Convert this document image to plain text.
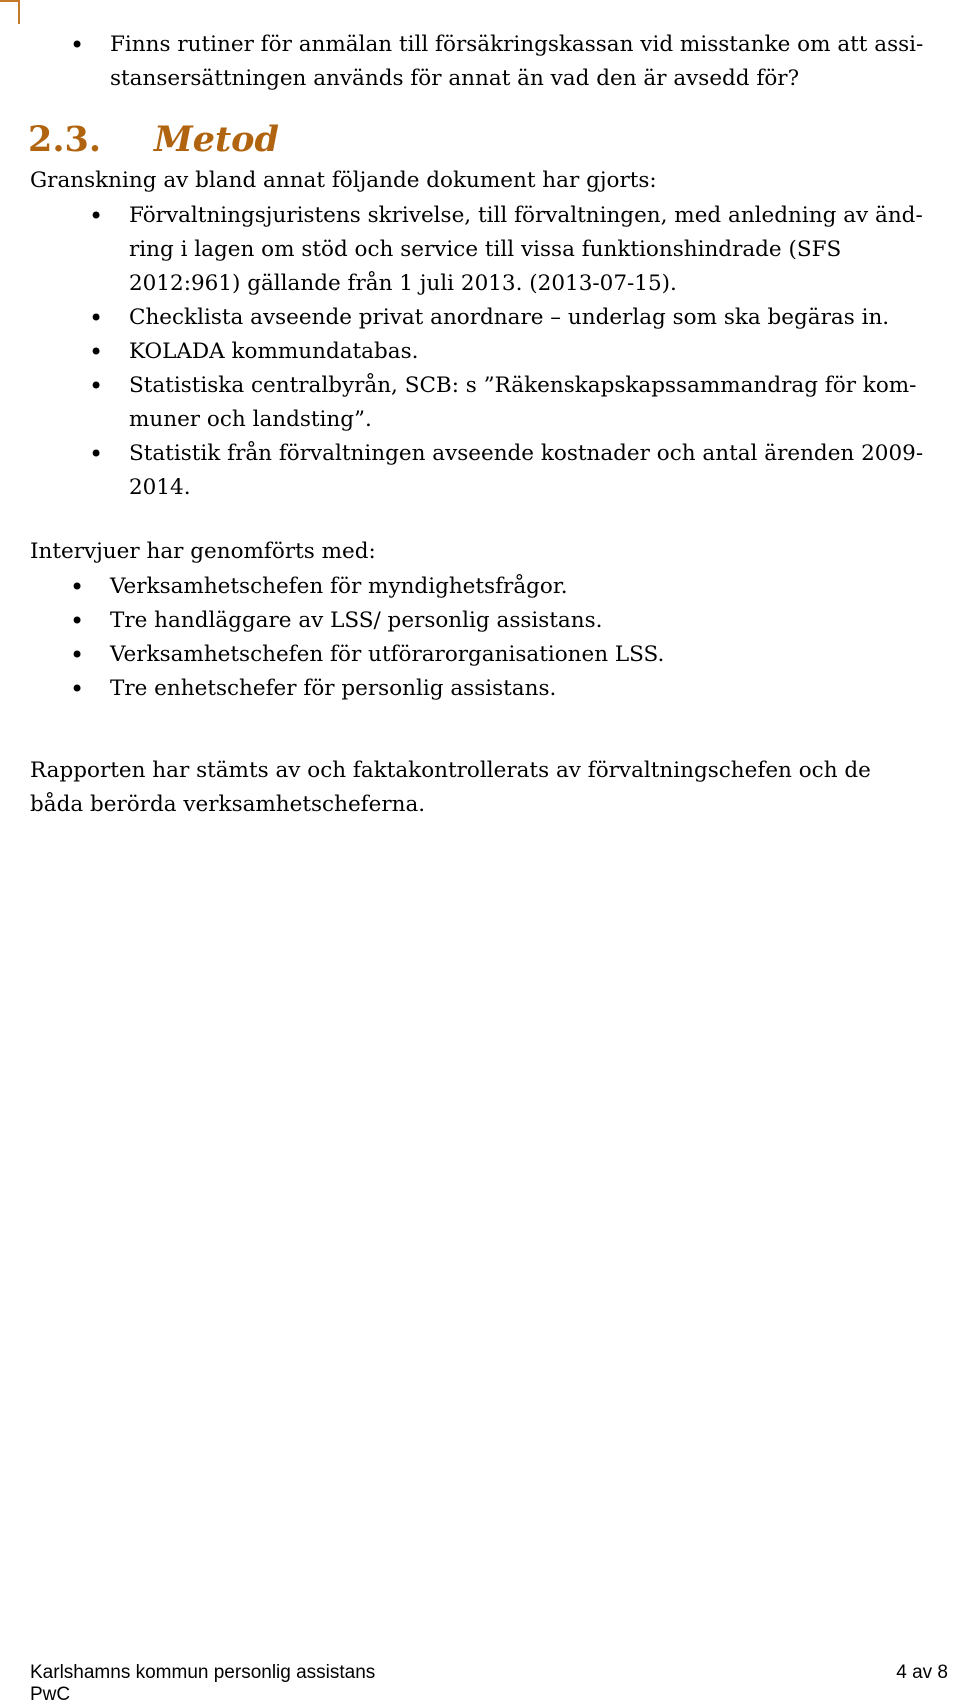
• Finns rutiner för anmälan till försäkringskassan vid misstanke om att assi-stansersättningen används för annat än vad den är avsedd för?
2.3. Metod

Granskning av bland annat följande dokument har gjorts:

• Förvaltningsjuristens skrivelse, till förvaltningen, med anledning av änd-ring i lagen om stöd och service till vissa funktionshindrade (SFS 2012:961) gällande från 1 juli 2013. (2013-07-15).
• Checklista avseende privat anordnare – underlag som ska begäras in.
• KOLADA kommundatabas.
• Statistiska centralbyrån, SCB: s ”Räkenskapskapssammandrag för kom-muner och landsting”.
• Statistik från förvaltningen avseende kostnader och antal ärenden 2009-2014.

Intervjuer har genomförts med:

• Verksamhetschefen för myndighetsfrågor.
• Tre handläggare av LSS/ personlig assistans.
• Verksamhetschefen för utförarorganisationen LSS.
• Tre enhetschefer för personlig assistans.

Rapporten har stämts av och faktakontrollerats av förvaltningschefen och de båda berörda verksamhetscheferna.

Karlshamns kommun personlig assistans	4 av 8
PwC
